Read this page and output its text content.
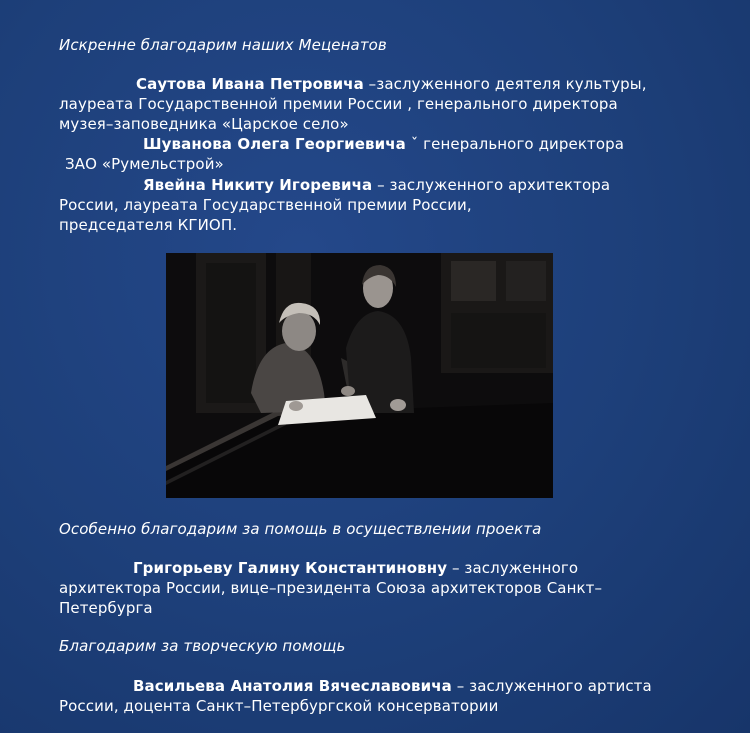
Искренне благодарим наших Меценатов
Саутова Ивана Петровича –заслуженного деятеля культуры,
лауреата Государственной премии России , генерального директора
музея–заповедника «Царское село»
Шуванова Олега Георгиевича ˇ генерального директора
ЗАО «Румельстрой»
Явейна Никиту Игоревича – заслуженного архитектора
России, лауреата Государственной премии России,
председателя КГИОП.
Особенно благодарим за помощь в осуществлении проекта
Григорьеву Галину Константиновну – заслуженного
архитектора России, вице–президента Союза архитекторов Санкт–
Петербурга
Благодарим за творческую помощь
Васильева Анатолия Вячеславовича – заслуженного артиста
России, доцента Санкт–Петербургской консерватории
